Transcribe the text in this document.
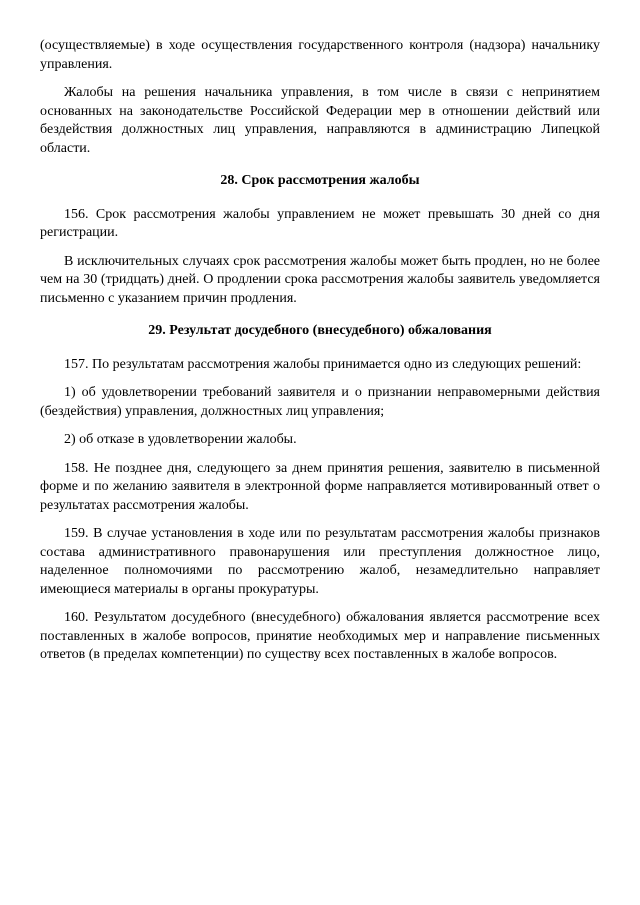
(осуществляемые) в ходе осуществления государственного контроля (надзора) начальнику управления.

Жалобы на решения начальника управления, в том числе в связи с непринятием основанных на законодательстве Российской Федерации мер в отношении действий или бездействия должностных лиц управления, направляются в администрацию Липецкой области.

28. Срок рассмотрения жалобы

156. Срок рассмотрения жалобы управлением не может превышать 30 дней со дня регистрации.

В исключительных случаях срок рассмотрения жалобы может быть продлен, но не более чем на 30 (тридцать) дней. О продлении срока рассмотрения жалобы заявитель уведомляется письменно с указанием причин продления.

29. Результат досудебного (внесудебного) обжалования

157. По результатам рассмотрения жалобы принимается одно из следующих решений:

1) об удовлетворении требований заявителя и о признании неправомерными действия (бездействия) управления, должностных лиц управления;

2) об отказе в удовлетворении жалобы.

158. Не позднее дня, следующего за днем принятия решения, заявителю в письменной форме и по желанию заявителя в электронной форме направляется мотивированный ответ о результатах рассмотрения жалобы.

159. В случае установления в ходе или по результатам рассмотрения жалобы признаков состава административного правонарушения или преступления должностное лицо, наделенное полномочиями по рассмотрению жалоб, незамедлительно направляет имеющиеся материалы в органы прокуратуры.

160. Результатом досудебного (внесудебного) обжалования является рассмотрение всех поставленных в жалобе вопросов, принятие необходимых мер и направление письменных ответов (в пределах компетенции) по существу всех поставленных в жалобе вопросов.
